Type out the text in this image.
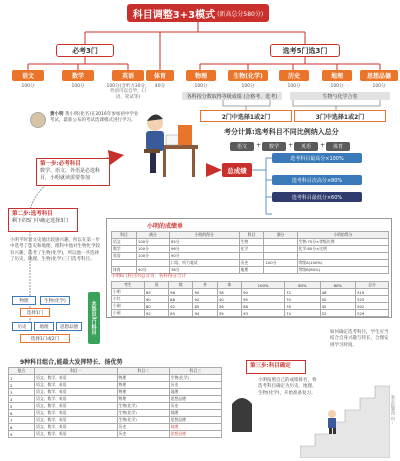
科目调整3+3模式 (新高总分580分)
必考3门
语文	数学	英语
100分	100分	100分(含听力30分，外语可以自学，口语、笔试等)
体育
40分
选考5门选3门
物理	生物(化学)	历史	地理	思想品德
100分	100分	100分	100分	100分
各科按分数取得等级成绩 (合格考、选考)	生物与化学合卷
2门中选择1或2门	3门中选择1或2门
黄小明 黄小明(化名)在2016年参加初中学业考试，最新公布的考试选课模式进行学习。
考分计算:选考科目不同比例纳入总分
语文	+	数学	+	英语	+	体育
总成绩
选考科目最高分×100%
选考科目次高分×80%
选考科目最低分×60%
第一步:必考科目
数学、语文、外语是必选科目，小明就读需要参加
第二步:选考科目
剩下的5门中确定选择3门
小明平时对文史地比较感兴趣，所以在第一步中选考了历史和地理，理科中他对生物化学较有兴趣，选考了生物(化学)，所以他一共选择了历史、地理、生物(化学)三门选考科目。
物理	生物(化学)
选择1门
历史	地理	思想品德
选择1门或2门
共选出3门科目
小明的成绩单
科目	满分	小明的得分	科目	满分	小明的得分
语文	100分	85分	生物		生物:75分×等级比例
数学	100分	96分	化学		化学:80分×比例
英语	100分	90分			
		口语、听力笔试	历史	100分	等级A(100%)
体育	40分	38分	地理		等级B(80%)
小明6门科目的总分为：各科得分合计
考生	语	数	外	体	100%	80%	60%	总分
小明	85	96	90	38	90	72	48	519
小红	90	88	92	40	95	70	50	525
小刚	80	92	85	36	88	76	45	502
小丽	92	85	94	39	93	74	52	529
9种科目组合,能最大发挥特长、扬优势
组合	科目一	科目二	科目三
1	语文、数学、英语	物理	生物(化学)
2	语文、数学、英语	物理	历史
3	语文、数学、英语	物理	地理
4	语文、数学、英语	物理	思想品德
5	语文、数学、英语	生物(化学)	历史
6	语文、数学、英语	生物(化学)	地理
7	语文、数学、英语	生物(化学)	思想品德
8	语文、数学、英语	历史	地理
9	语文、数学、英语	历史	思想品德
第三步:科目确定
小明按照自己的成绩排名，将选考科目确定为历史、地理、生物(化学)，开始准备复习。
如何确定选考科目，学生应当结合自身兴趣与特长，合理安排学习时间。
新京报制图 何…
